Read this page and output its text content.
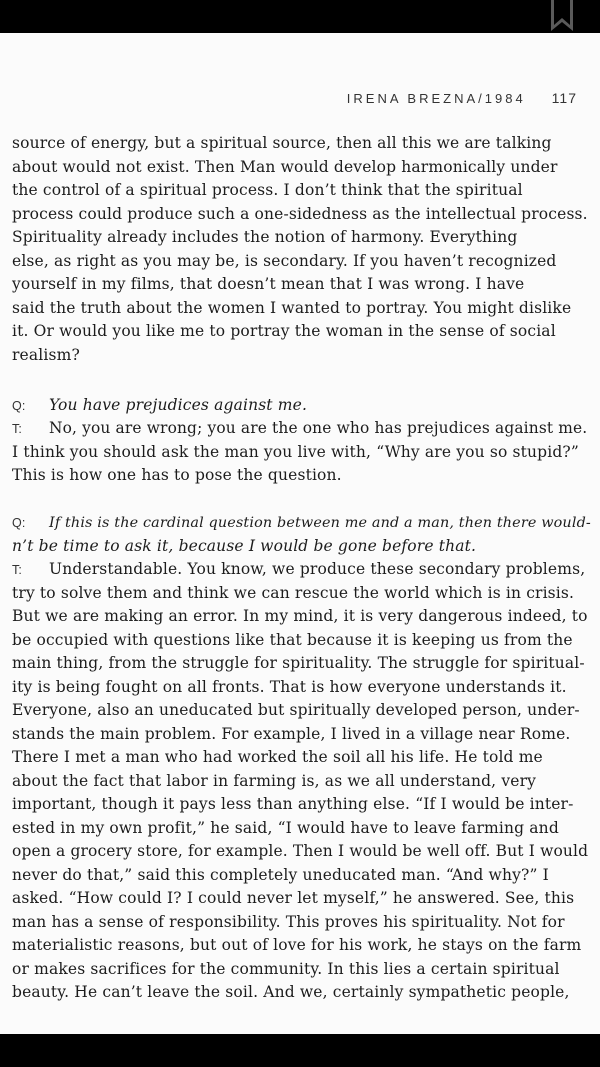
IRENA BREZNA/1984 117
source of energy, but a spiritual source, then all this we are talking
about would not exist. Then Man would develop harmonically under
the control of a spiritual process. I don’t think that the spiritual
process could produce such a one-sidedness as the intellectual process.
Spirituality already includes the notion of harmony. Everything
else, as right as you may be, is secondary. If you haven’t recognized
yourself in my films, that doesn’t mean that I was wrong. I have
said the truth about the women I wanted to portray. You might dislike
it. Or would you like me to portray the woman in the sense of social
realism?
Q: You have prejudices against me.
T: No, you are wrong; you are the one who has prejudices against me.
I think you should ask the man you live with, “Why are you so stupid?”
This is how one has to pose the question.
Q: If this is the cardinal question between me and a man, then there would-
n’t be time to ask it, because I would be gone before that.
T: Understandable. You know, we produce these secondary problems,
try to solve them and think we can rescue the world which is in crisis.
But we are making an error. In my mind, it is very dangerous indeed, to
be occupied with questions like that because it is keeping us from the
main thing, from the struggle for spirituality. The struggle for spiritual-
ity is being fought on all fronts. That is how everyone understands it.
Everyone, also an uneducated but spiritually developed person, under-
stands the main problem. For example, I lived in a village near Rome.
There I met a man who had worked the soil all his life. He told me
about the fact that labor in farming is, as we all understand, very
important, though it pays less than anything else. “If I would be inter-
ested in my own profit,” he said, “I would have to leave farming and
open a grocery store, for example. Then I would be well off. But I would
never do that,” said this completely uneducated man. “And why?” I
asked. “How could I? I could never let myself,” he answered. See, this
man has a sense of responsibility. This proves his spirituality. Not for
materialistic reasons, but out of love for his work, he stays on the farm
or makes sacrifices for the community. In this lies a certain spiritual
beauty. He can’t leave the soil. And we, certainly sympathetic people,
